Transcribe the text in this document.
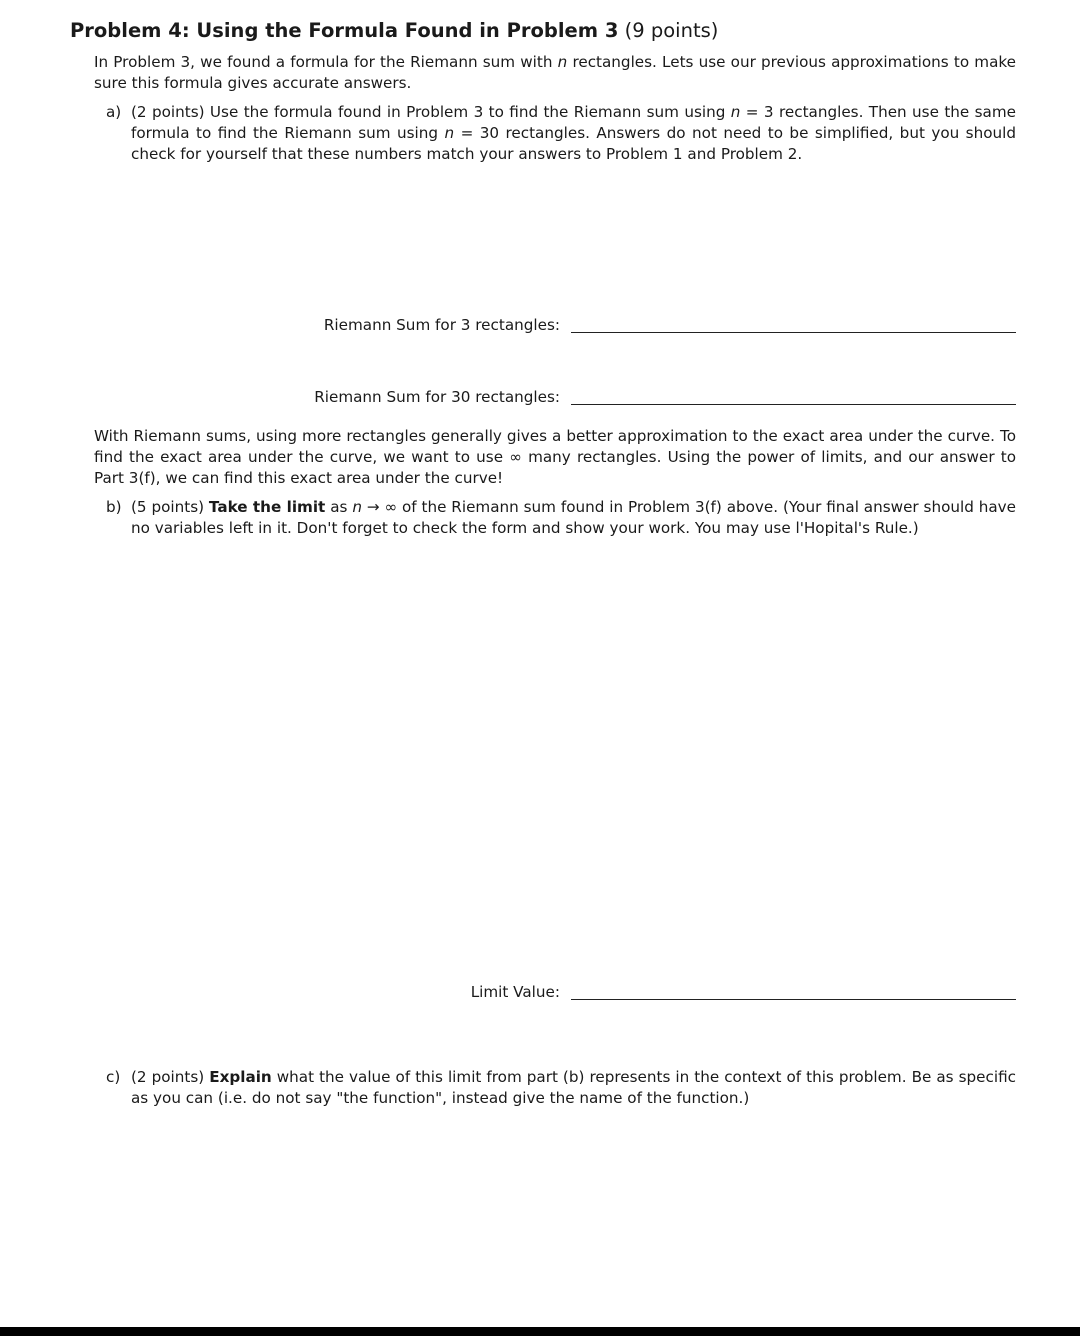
Problem 4: Using the Formula Found in Problem 3 (9 points)
In Problem 3, we found a formula for the Riemann sum with n rectangles. Lets use our previous approximations to make sure this formula gives accurate answers.
a) (2 points) Use the formula found in Problem 3 to find the Riemann sum using n = 3 rectangles. Then use the same formula to find the Riemann sum using n = 30 rectangles. Answers do not need to be simplified, but you should check for yourself that these numbers match your answers to Problem 1 and Problem 2.
Riemann Sum for 3 rectangles:
Riemann Sum for 30 rectangles:
With Riemann sums, using more rectangles generally gives a better approximation to the exact area under the curve. To find the exact area under the curve, we want to use ∞ many rectangles. Using the power of limits, and our answer to Part 3(f), we can find this exact area under the curve!
b) (5 points) Take the limit as n → ∞ of the Riemann sum found in Problem 3(f) above. (Your final answer should have no variables left in it. Don't forget to check the form and show your work. You may use l'Hopital's Rule.)
Limit Value:
c) (2 points) Explain what the value of this limit from part (b) represents in the context of this problem. Be as specific as you can (i.e. do not say "the function", instead give the name of the function.)
